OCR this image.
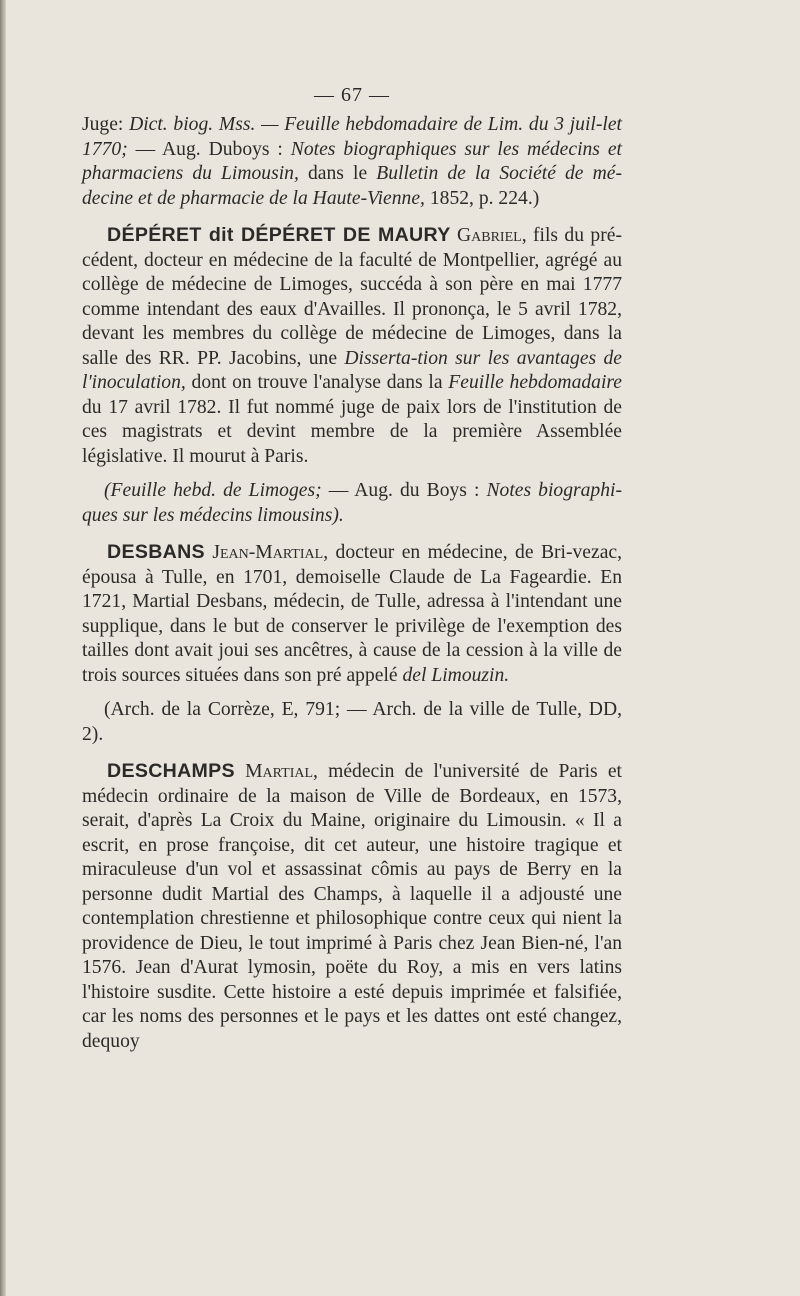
— 67 —

Juge: Dict. biog. Mss. — Feuille hebdomadaire de Lim. du 3 juil-let 1770; — Aug. Duboys : Notes biographiques sur les médecins et pharmaciens du Limousin, dans le Bulletin de la Société de mé-decine et de pharmacie de la Haute-Vienne, 1852, p. 224.)

DÉPÉRET dit DÉPÉRET DE MAURY Gabriel, fils du pré-cédent, docteur en médecine de la faculté de Montpellier, agrégé au collège de médecine de Limoges, succéda à son père en mai 1777 comme intendant des eaux d'Availles. Il prononça, le 5 avril 1782, devant les membres du collège de médecine de Limoges, dans la salle des RR. PP. Jacobins, une Disserta-tion sur les avantages de l'inoculation, dont on trouve l'analyse dans la Feuille hebdomadaire du 17 avril 1782. Il fut nommé juge de paix lors de l'institution de ces magistrats et devint membre de la première Assemblée législative. Il mourut à Paris.

(Feuille hebd. de Limoges; — Aug. du Boys : Notes biographi-ques sur les médecins limousins).

DESBANS Jean-Martial, docteur en médecine, de Bri-vezac, épousa à Tulle, en 1701, demoiselle Claude de La Fageardie. En 1721, Martial Desbans, médecin, de Tulle, adressa à l'intendant une supplique, dans le but de conserver le privilège de l'exemption des tailles dont avait joui ses ancêtres, à cause de la cession à la ville de trois sources situées dans son pré appelé del Limouzin.

(Arch. de la Corrèze, E, 791; — Arch. de la ville de Tulle, DD, 2).

DESCHAMPS Martial, médecin de l'université de Paris et médecin ordinaire de la maison de Ville de Bordeaux, en 1573, serait, d'après La Croix du Maine, originaire du Limousin. « Il a escrit, en prose françoise, dit cet auteur, une histoire tragique et miraculeuse d'un vol et assassinat cômis au pays de Berry en la personne dudit Martial des Champs, à laquelle il a adjousté une contemplation chrestienne et philosophique contre ceux qui nient la providence de Dieu, le tout imprimé à Paris chez Jean Bien-né, l'an 1576. Jean d'Aurat lymosin, poëte du Roy, a mis en vers latins l'histoire susdite. Cette histoire a esté depuis imprimée et falsifiée, car les noms des personnes et le pays et les dattes ont esté changez, dequoy
